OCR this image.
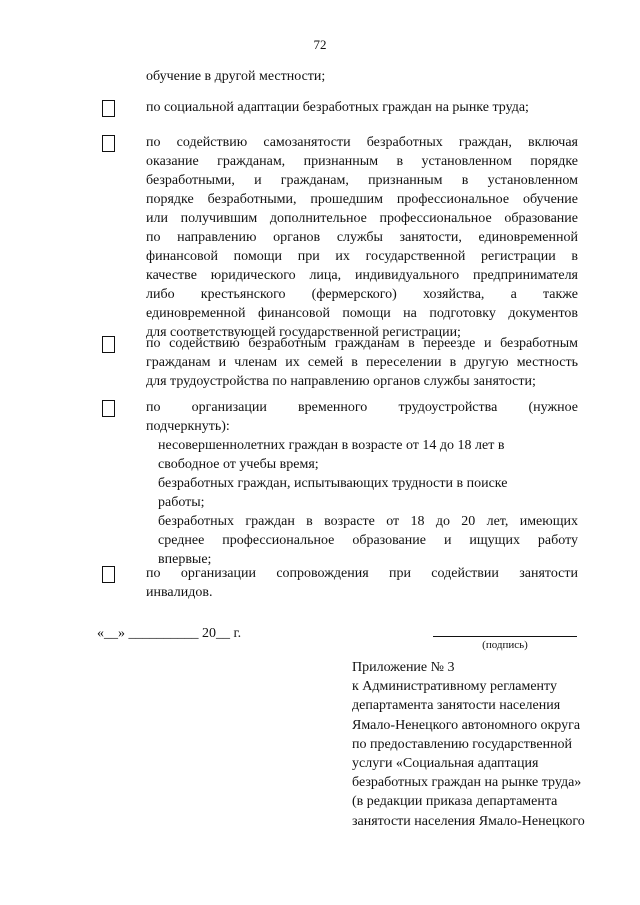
72
обучение в другой местности;
по социальной адаптации безработных граждан на рынке труда;
по содействию самозанятости безработных граждан, включая
оказание гражданам, признанным в установленном порядке
безработными, и гражданам, признанным в установленном
порядке безработными, прошедшим профессиональное обучение
или получившим дополнительное профессиональное образование
по направлению органов службы занятости, единовременной
финансовой помощи при их государственной регистрации в
качестве юридического лица, индивидуального предпринимателя
либо крестьянского (фермерского) хозяйства, а также
единовременной финансовой помощи на подготовку документов
для соответствующей государственной регистрации;
по содействию безработным гражданам в переезде и безработным
гражданам и членам их семей в переселении в другую местность
для трудоустройства по направлению органов службы занятости;
по организации временного трудоустройства (нужное
подчеркнуть):
несовершеннолетних граждан в возрасте от 14 до 18 лет в
свободное от учебы время;
безработных граждан, испытывающих трудности в поиске
работы;
безработных граждан в возрасте от 18 до 20 лет, имеющих
среднее профессиональное образование и ищущих работу
впервые;
по организации сопровождения при содействии занятости
инвалидов.
«__» __________ 20__ г.
(подпись)
Приложение № 3
к Административному регламенту
департамента занятости населения
Ямало-Ненецкого автономного округа
по предоставлению государственной
услуги «Социальная адаптация
безработных граждан на рынке труда»
(в редакции приказа департамента
занятости населения Ямало-Ненецкого
